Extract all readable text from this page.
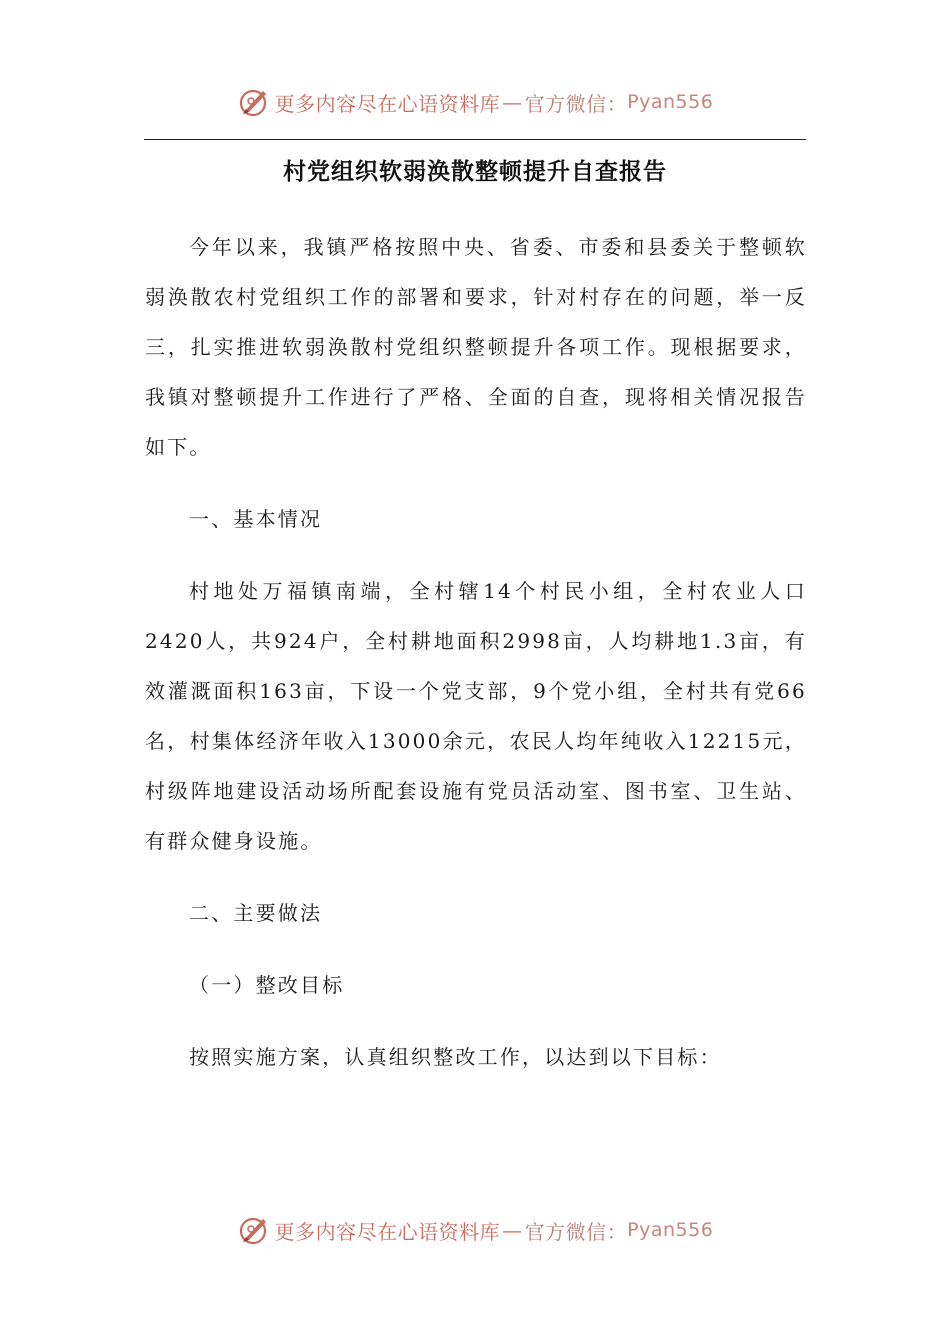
更多内容尽在心语资料库 — 官方微信： Pyan556
村党组织软弱涣散整顿提升自查报告

今年以来，我镇严格按照中央、省委、市委和县委关于整顿软弱涣散农村党组织工作的部署和要求，针对村存在的问题，举一反三，扎实推进软弱涣散村党组织整顿提升各项工作。现根据要求，我镇对整顿提升工作进行了严格、全面的自查，现将相关情况报告如下。

一、基本情况

村地处万福镇南端，全村辖14个村民小组，全村农业人口2420人，共924户，全村耕地面积2998亩，人均耕地1.3亩，有效灌溉面积163亩，下设一个党支部，9个党小组，全村共有党66名，村集体经济年收入13000余元，农民人均年纯收入12215元，村级阵地建设活动场所配套设施有党员活动室、图书室、卫生站、有群众健身设施。

二、主要做法

（一）整改目标

按照实施方案，认真组织整改工作，以达到以下目标：

更多内容尽在心语资料库 — 官方微信： Pyan556
